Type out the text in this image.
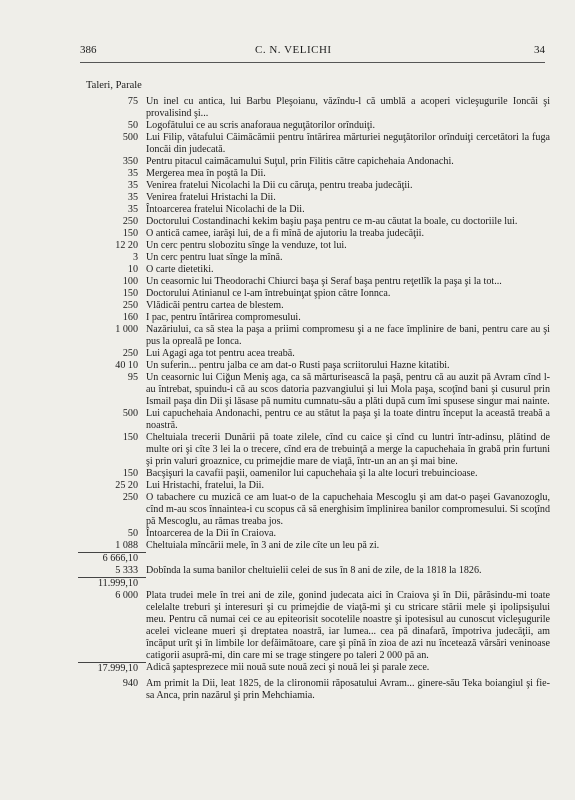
386	C. N. VELICHI	34
Taleri, Parale
75 Un inel cu antica, lui Barbu Pleşoianu, văzîndu-l că umblă a acoperi vicleşugurile Ioncăi şi provalisind şi...
50 Logofătului ce au scris anaforaua neguţătorilor orînduiţi.
500 Lui Filip, vătafului Căimăcămii pentru întărirea mărturiei neguţătorilor orînduiţi cercetători la fuga Ioncăi din judecată.
350 Pentru pitacul caimăcamului Suţul, prin Filitis către capichehaia Andonachi.
35 Mergerea mea în poştă la Dii.
35 Venirea fratelui Nicolachi la Dii cu căruţa, pentru treaba judecăţii.
35 Venirea fratelui Hristachi la Dii.
35 Întoarcerea fratelui Nicolachi de la Dii.
250 Doctorului Costandinachi kekim başiu paşa pentru ce m-au căutat la boale, cu doctoriile lui.
150 O antică camee, iarăşi lui, de a fi mînă de ajutoriu la treaba judecăţii.
12 20 Un cerc pentru slobozitu sînge la venduze, tot lui.
3 Un cerc pentru luat sînge la mînă.
10 O carte dietetiki.
100 Un ceasornic lui Theodorachi Chiurci başa şi Seraf başa pentru reţetlîk la paşa şi la tot...
150 Doctorului Atinianul ce l-am întrebuinţat şpion către Ionnca.
250 Vlădicăi pentru cartea de blestem.
160 I pac, pentru întărirea compromesului.
1 000 Nazăriului, ca să stea la paşa a priimi compromesu şi a ne face împlinire de bani, pentru care au şi pus la opreală pe Ionca.
250 Lui Agagi aga tot pentru acea treabă.
40 10 Un suferin... pentru jalba ce am dat-o Rusti paşa scriitorului Hazne kitatibi.
95 Un ceasornic lui Ciğun Meniş aga, ca să mărturisească la paşă, pentru că au auzit pă Avram cînd l-au întrebat, spuindu-i că au scos datoria pazvangiului şi lui Mola paşa, scoţînd bani şi cusurul prin Ismail paşa din Dii şi lăsase pă numitu cumnatu-său a plăti după cum îmi spusese singur mai nainte.
500 Lui capuchehaia Andonachi, pentru ce au stătut la paşa şi la toate dintru început la această treabă a noastră.
150 Cheltuiala trecerii Dunării pă toate zilele, cînd cu caice şi cînd cu luntri într-adinsu, plătind de multe ori şi cîte 3 lei la o trecere, cînd era de trebuinţă a merge la capuchehaia în grabă prin furtuni şi prin valuri groaznice, cu primejdie mare de viaţă, într-un an an şi mai bine.
150 Bacşişuri la cavafii paşii, oamenilor lui capuchehaia şi la alte locuri trebuincioase.
25 20 Lui Hristachi, fratelui, la Dii.
250 O tabachere cu muzică ce am luat-o de la capuchehaia Mescoglu şi am dat-o paşei Gavanozoglu, cînd m-au scos înnaintea-i cu scopus că să energhisim împlinirea banilor compromesului. Si scoţînd pă Mescoglu, au rămas treaba jos.
50 Întoarcerea de la Dii în Craiova.
1 088 Cheltuiala mîncării mele, în 3 ani de zile cîte un leu pă zi.
6 666,10
5 333 Dobînda la suma banilor cheltuielii celei de sus în 8 ani de zile, de la 1818 la 1826.
11.999,10
6 000 Plata trudei mele în trei ani de zile, gonind judecata aici în Craiova şi în Dii, părăsindu-mi toate celelalte treburi şi interesuri şi cu primejdie de viaţă-mi şi cu stricare stării mele şi ipolipsişului meu. Pentru că numai cei ce au epiteorisit socotelile noastre şi ipotesisul au cunoscut vicleşugurile acelei vicleane mueri şi dreptatea noastră, iar lumea... cea pă dinafară, împotriva judecăţii, am încăput urît şi în limbile lor defăimătoare, care şi pînă în zioa de azi nu încetează vărsări veninoase catigorii asupră-mi, din care mi se trage stingere po taleri 2 000 pă an.
17.999,10 Adică şaptesprezece mii nouă sute nouă zeci şi nouă lei şi parale zece.
940 Am primit la Dii, leat 1825, de la clironomii răposatului Avram... ginere-său Teka boiangiul şi fie-sa Anca, prin nazărul şi prin Mehchiamia.
